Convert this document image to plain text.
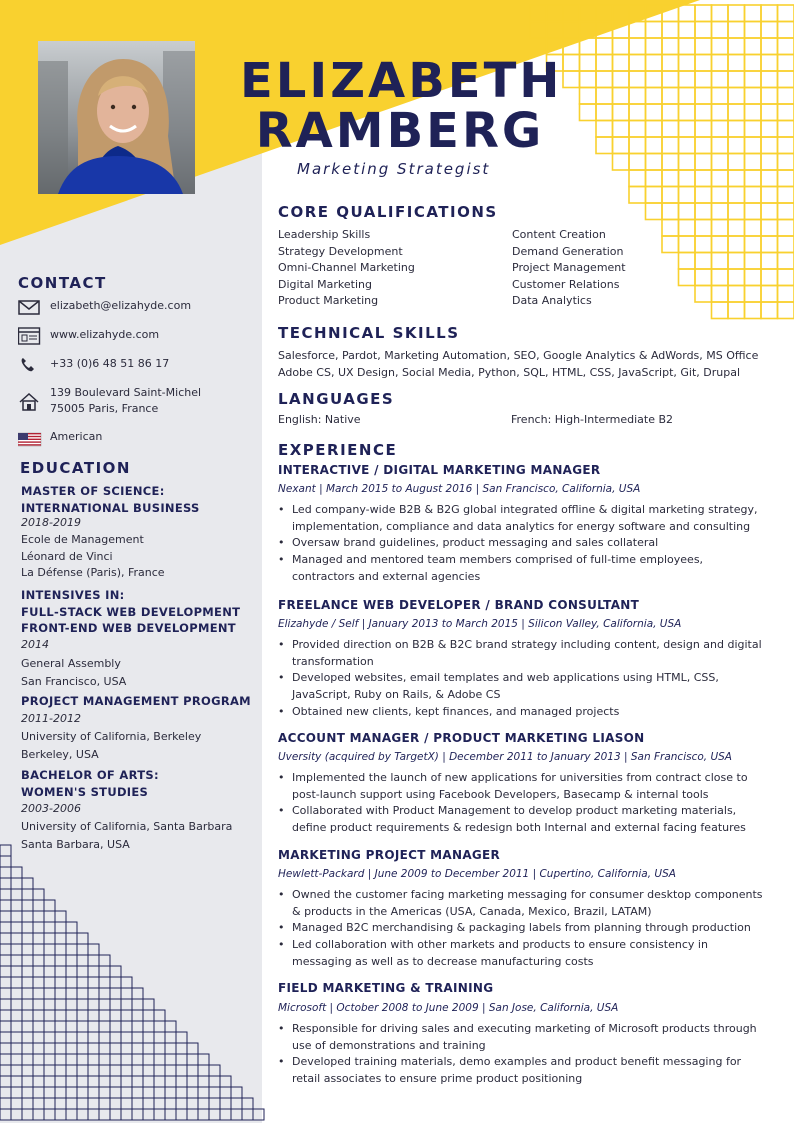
ELIZABETH
RAMBERG
Marketing Strategist
CONTACT
elizabeth@elizahyde.com
www.elizahyde.com
+33 (0)6 48 51 86 17
139 Boulevard Saint-Michel
75005 Paris, France
American
EDUCATION
MASTER OF SCIENCE:
INTERNATIONAL BUSINESS
2018-2019
Ecole de Management
Léonard de Vinci
La Défense (Paris), France
INTENSIVES IN:
FULL-STACK WEB DEVELOPMENT
FRONT-END WEB DEVELOPMENT
2014
General Assembly
San Francisco, USA
PROJECT MANAGEMENT PROGRAM
2011-2012
University of California, Berkeley
Berkeley, USA
BACHELOR OF ARTS:
WOMEN'S STUDIES
2003-2006
University of California, Santa Barbara
Santa Barbara, USA
CORE QUALIFICATIONS
Leadership Skills
Strategy Development
Omni-Channel Marketing
Digital Marketing
Product Marketing
Content Creation
Demand Generation
Project Management
Customer Relations
Data Analytics
TECHNICAL SKILLS
Salesforce, Pardot, Marketing Automation, SEO, Google Analytics & AdWords, MS Office
Adobe CS, UX Design, Social Media, Python, SQL, HTML, CSS, JavaScript, Git, Drupal
LANGUAGES
English: Native	French: High-Intermediate B2
EXPERIENCE
INTERACTIVE / DIGITAL MARKETING MANAGER
Nexant | March 2015 to August 2016 | San Francisco, California, USA
• Led company-wide B2B & B2G global integrated offline & digital marketing strategy, implementation, compliance and data analytics for energy software and consulting
• Oversaw brand guidelines, product messaging and sales collateral
• Managed and mentored team members comprised of full-time employees, contractors and external agencies
FREELANCE WEB DEVELOPER / BRAND CONSULTANT
Elizahyde / Self | January 2013 to March 2015 | Silicon Valley, California, USA
• Provided direction on B2B & B2C brand strategy including content, design and digital transformation
• Developed websites, email templates and web applications using HTML, CSS, JavaScript, Ruby on Rails, & Adobe CS
• Obtained new clients, kept finances, and managed projects
ACCOUNT MANAGER / PRODUCT MARKETING LIASON
Uversity (acquired by TargetX) | December 2011 to January 2013 | San Francisco, USA
• Implemented the launch of new applications for universities from contract close to post-launch support using Facebook Developers, Basecamp & internal tools
• Collaborated with Product Management to develop product marketing materials, define product requirements & redesign both Internal and external facing features
MARKETING PROJECT MANAGER
Hewlett-Packard | June 2009 to December 2011 | Cupertino, California, USA
• Owned the customer facing marketing messaging for consumer desktop components & products in the Americas (USA, Canada, Mexico, Brazil, LATAM)
• Managed B2C merchandising & packaging labels from planning through production
• Led collaboration with other markets and products to ensure consistency in messaging as well as to decrease manufacturing costs
FIELD MARKETING & TRAINING
Microsoft | October 2008 to June 2009 | San Jose, California, USA
• Responsible for driving sales and executing marketing of Microsoft products through use of demonstrations and training
• Developed training materials, demo examples and product benefit messaging for retail associates to ensure prime product positioning
